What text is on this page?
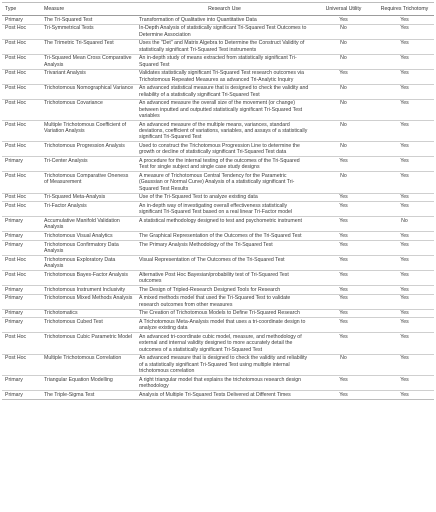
Type	Measure	Research Use	Universal Utility	Requires Trichotomy
Primary	The Tri-Squared Test	Transformation of Qualitative into Quantitative Data	Yes	Yes
Post Hoc	Tri-Symmetrical Tests	In-Depth Analysis of statistically significant Tri-Squared Test Outcomes to Determine Association	No	Yes
Post Hoc	The Trimetric Tri-Squared Test	Uses the "Det" and Matrix Algebra to Determine the Construct Validity of statistically significant Tri-Squared Test instruments	No	Yes
Post Hoc	Tri-Squared Mean Cross Comparative Analysis	An in-depth study of means extracted from statistically significant Tri-Squared Test	No	Yes
Post Hoc	Trivariant Analysis	Validates statistically significant Tri-Squared Test research outcomes via Trichotomous Repeated Measures as advanced Tri-Analytic Inquiry	Yes	Yes
Post Hoc	Trichotomous Nomographical Variance	An advanced statistical measure that is designed to check the validity and reliability of a statistically significant Tri-Squared Test	No	Yes
Post Hoc	Trichotomous Covariance	An advanced measure the overall size of the movement (or change) between inputted and outputted statistically significant Tri-Squared Test variables	No	Yes
Post Hoc	Multiple Trichotomous Coefficient of Variation Analysis	An advanced measure of the multiple means, variances, standard deviations, coefficient of variations, variables, and assays of a statistically significant Tri-Squared Test	No	Yes
Post Hoc	Trichotomous Progression Analysis	Used to construct the Trichotomous Progression Line to determine the growth or decline of statistically significant Tri-Squared Test data	No	Yes
Primary	Tri-Center Analysis	A procedure for the internal testing of the outcomes of the Tri-Squared Test for single subject and single case study designs	Yes	Yes
Post Hoc	Trichotomous Comparative Oneness of Measurement	A measure of Trichotomous Central Tendency for the Parametric (Gaussian or Normal Curve) Analysis of a statistically significant Tri-Squared Test Results	No	Yes
Post Hoc	Tri-Squared Meta-Analysis	Use of the Tri-Squared Test to analyze existing data	Yes	Yes
Post Hoc	Tri-Factor Analysis	An in-depth way of investigating overall effectiveness statistically significant Tri-Squared Test based on a real linear Tri-Factor model	Yes	Yes
Primary	Accumulative Manifold Validation Analysis	A statistical methodology designed to test and psychometric instrument	Yes	No
Primary	Trichotomous Visual Analytics	The Graphical Representation of the Outcomes of the Tri-Squared Test	Yes	Yes
Primary	Trichotomous Confirmatory Data Analysis	The Primary Analysis Methodology of the Tri-Squared Test	Yes	Yes
Post Hoc	Trichotomous Exploratory Data Analysis	Visual Representation of The Outcomes of the Tri-Squared Test	Yes	Yes
Post Hoc	Trichotomous Bayes-Factor Analysis	Alternative Post Hoc Bayesian/probability test of Tri-Squared Test outcomes	Yes	Yes
Primary	Trichotomous Instrument Inclusivity	The Design of Tripled-Research Designed Tools for Research	Yes	Yes
Primary	Trichotomous Mixed Methods Analysis	A mixed methods model that used the Tri-Squared Test to validate research outcomes from other measures	Yes	Yes
Primary	Trichotomatics	The Creation of Trichotomous Models to Define Tri-Squared Research	Yes	Yes
Primary	Trichotomous Cubed Test	A Trichotomous Meta-Analysis model that uses a tri-coordinate design to analyze existing data	Yes	Yes
Post Hoc	Trichotomous Cubic Parametric Model	An advanced tri-coordinate cubic model, measure, and methodology of external and internal validity designed to more accurately detail the outcomes of a statistically significant Tri-Squared Test	Yes	Yes
Post Hoc	Multiple Trichotomous Correlation	An advanced measure that is designed to check the validity and reliability of a statistically significant Tri-Squared Test using multiple internal trichotomous correlation	No	Yes
Primary	Triangular Equation Modelling	A right triangular model that explains the trichotomous research design methodology	Yes	Yes
Primary	The Triple-Sigma Test	Analysis of Multiple Tri-Squared Tests Delivered at Different Times	Yes	Yes
